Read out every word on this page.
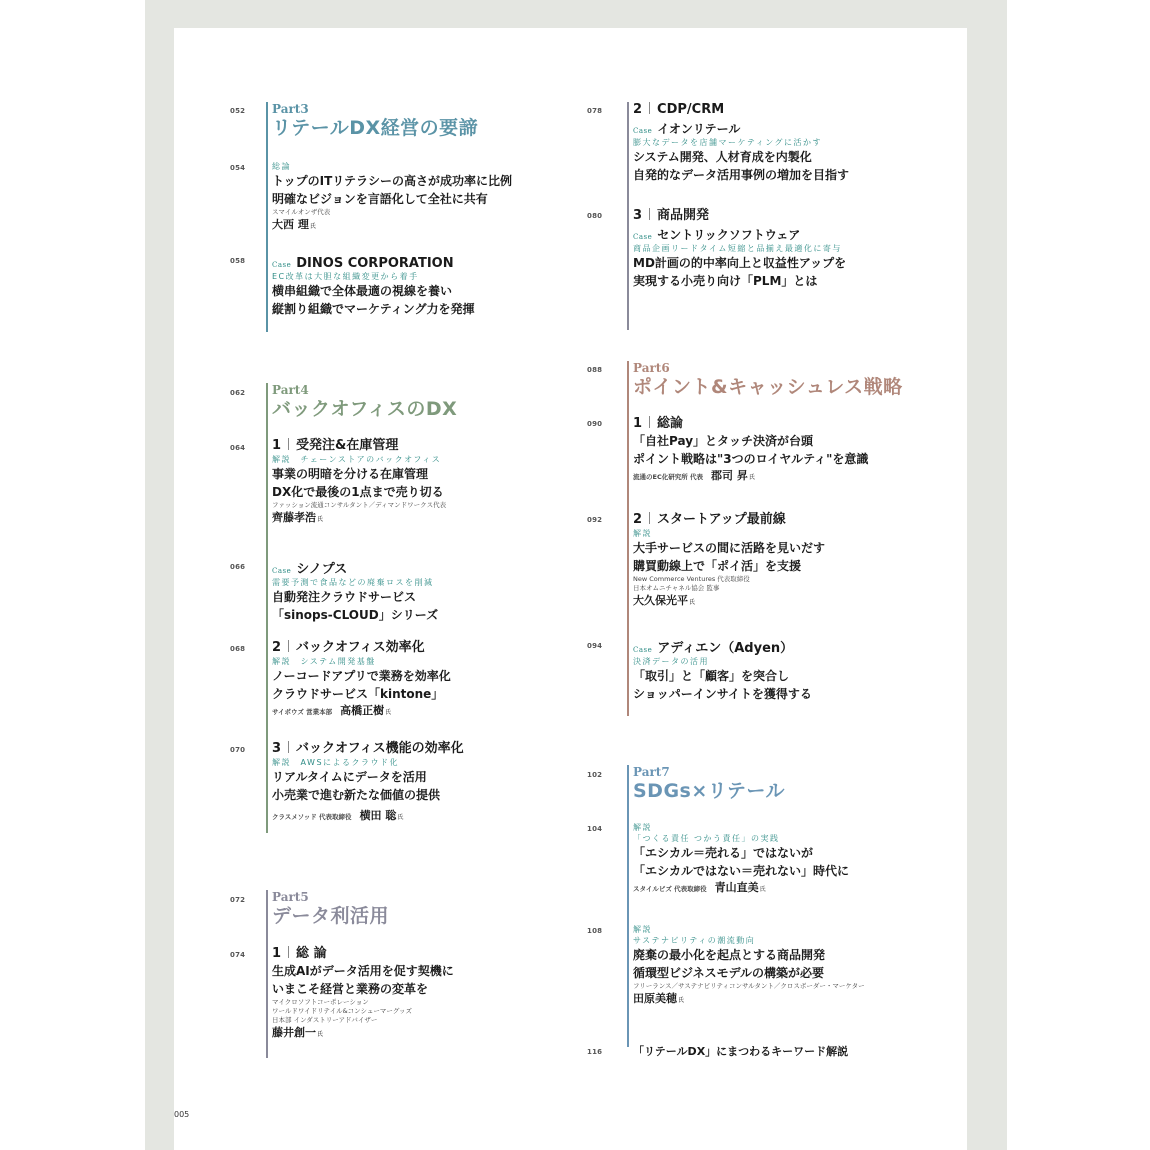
052 Part3
リテールDX経営の要諦
054	総論
トップのITリテラシーの高さが成功率に比例
明確なビジョンを言語化して全社に共有
スマイルオンザ代表
大西 理氏
058	Case DINOS CORPORATION
EC改革は大胆な組織変更から着手
横串組織で全体最適の視線を養い
縦割り組織でマーケティング力を発揮
062 Part4
バックオフィスのDX
064 1 受発注&在庫管理
解説　チェーンストアのバックオフィス
事業の明暗を分ける在庫管理
DX化で最後の1点まで売り切る
ファッション流通コンサルタント／ディマンドワークス代表
齊藤孝浩氏
066	Case シノプス
需要予測で食品などの廃棄ロスを削減
自動発注クラウドサービス
「sinops-CLOUD」シリーズ
068 2 バックオフィス効率化
解説　システム開発基盤
ノーコードアプリで業務を効率化
クラウドサービス「kintone」
サイボウズ 営業本部 高橋正樹氏
070 3 バックオフィス機能の効率化
解説　AWSによるクラウド化
リアルタイムにデータを活用
小売業で進む新たな価値の提供
クラスメソッド 代表取締役 横田 聡氏
072 Part5
データ利活用
074 1 総 論
生成AIがデータ活用を促す契機に
いまこそ経営と業務の変革を
マイクロソフトコーポレーション
ワールドワイドリテイル&コンシューマーグッズ
日本部 インダストリーアドバイザー
藤井創一氏
078 2 CDP/CRM
Case イオンリテール
膨大なデータを店舗マーケティングに活かす
システム開発、人材育成を内製化
自発的なデータ活用事例の増加を目指す
080 3 商品開発
Case セントリックソフトウェア
商品企画リードタイム短縮と品揃え最適化に寄与
MD計画の的中率向上と収益性アップを
実現する小売り向け「PLM」とは
088	Part6
ポイント&キャッシュレス戦略
090 1 総論
「自社Pay」とタッチ決済が台頭
ポイント戦略は"3つのロイヤルティ"を意識
流通のEC化研究所 代表 郡司 昇氏
092 2 スタートアップ最前線
解説
大手サービスの間に活路を見いだす
購買動線上で「ポイ活」を支援
New Commerce Ventures 代表取締役
日本オムニチャネル協会 監事
大久保光平氏
094	Case アディエン（Adyen）
決済データの活用
「取引」と「顧客」を突合し
ショッパーインサイトを獲得する
102	Part7
SDGs×リテール
104	解説
「つくる責任 つかう責任」の実践
「エシカル＝売れる」ではないが
「エシカルではない＝売れない」時代に
スタイルピズ 代表取締役 青山直美氏
108	解説
サステナビリティの潮流動向
廃棄の最小化を起点とする商品開発
循環型ビジネスモデルの構築が必要
フリーランス／サステナビリティコンサルタント／クロスボーダー・マーケター
田原美穂氏
116	「リテールDX」にまつわるキーワード解説
005
